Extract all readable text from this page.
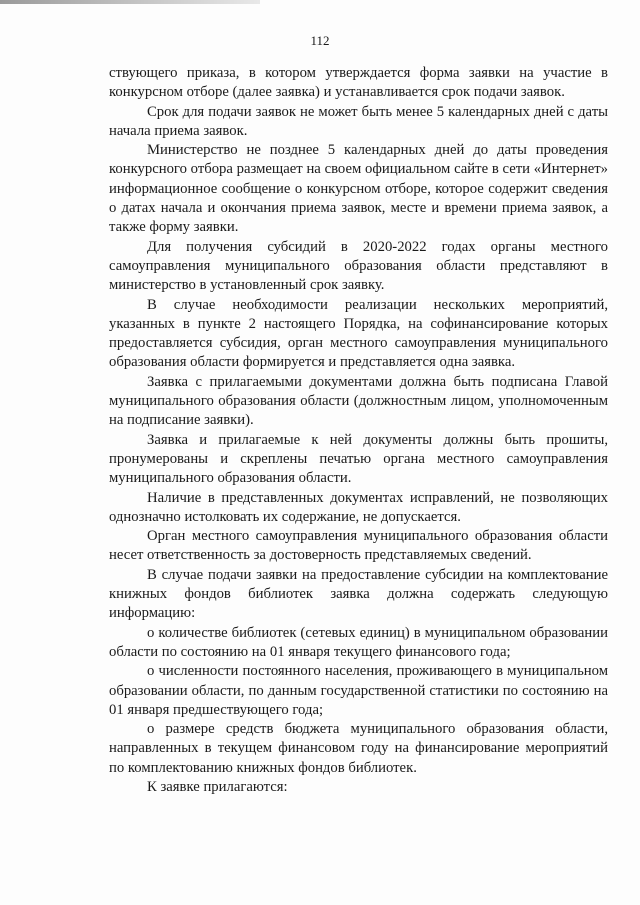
112

ствующего приказа, в котором утверждается форма заявки на участие в конкурсном отборе (далее заявка) и устанавливается срок подачи заявок.

Срок для подачи заявок не может быть менее 5 календарных дней с даты начала приема заявок.

Министерство не позднее 5 календарных дней до даты проведения конкурсного отбора размещает на своем официальном сайте в сети «Интернет» информационное сообщение о конкурсном отборе, которое содержит сведения о датах начала и окончания приема заявок, месте и времени приема заявок, а также форму заявки.

Для получения субсидий в 2020-2022 годах органы местного самоуправления муниципального образования области представляют в министерство в установленный срок заявку.

В случае необходимости реализации нескольких мероприятий, указанных в пункте 2 настоящего Порядка, на софинансирование которых предоставляется субсидия, орган местного самоуправления муниципального образования области формируется и представляется одна заявка.

Заявка с прилагаемыми документами должна быть подписана Главой муниципального образования области (должностным лицом, уполномоченным на подписание заявки).

Заявка и прилагаемые к ней документы должны быть прошиты, пронумерованы и скреплены печатью органа местного самоуправления муниципального образования области.

Наличие в представленных документах исправлений, не позволяющих однозначно истолковать их содержание, не допускается.

Орган местного самоуправления муниципального образования области несет ответственность за достоверность представляемых сведений.

В случае подачи заявки на предоставление субсидии на комплектование книжных фондов библиотек заявка должна содержать следующую информацию:

о количестве библиотек (сетевых единиц) в муниципальном образовании области по состоянию на 01 января текущего финансового года;

о численности постоянного населения, проживающего в муниципальном образовании области, по данным государственной статистики по состоянию на 01 января предшествующего года;

о размере средств бюджета муниципального образования области, направленных в текущем финансовом году на финансирование мероприятий по комплектованию книжных фондов библиотек.

К заявке прилагаются:
